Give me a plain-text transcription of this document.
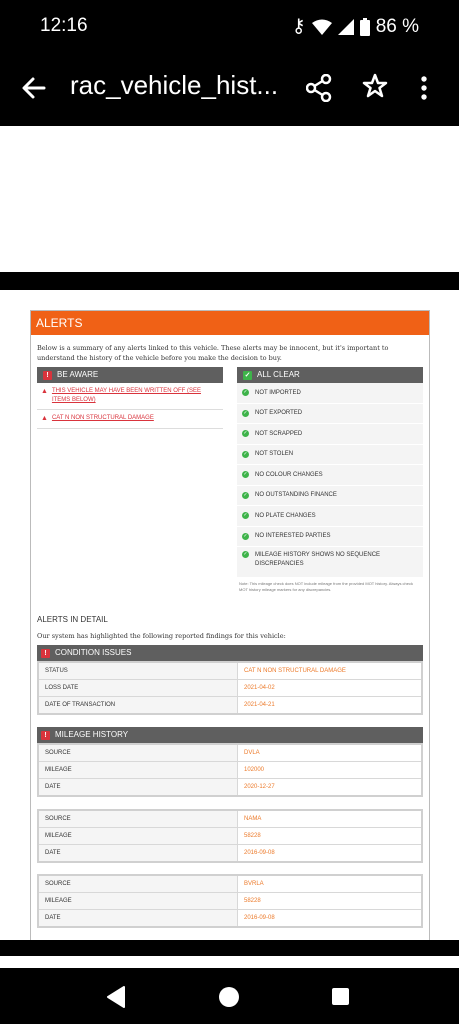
12:16	⚷	86 %
rac_vehicle_hist...
ALERTS
Below is a summary of any alerts linked to this vehicle. These alerts may be innocent, but it's important to understand the history of the vehicle before you make the decision to buy.
!	BE AWARE
▲ THIS VEHICLE MAY HAVE BEEN WRITTEN OFF (SEE ITEMS BELOW)
▲ CAT N NON STRUCTURAL DAMAGE
✓ ALL CLEAR
✓ NOT IMPORTED
✓ NOT EXPORTED
✓ NOT SCRAPPED
✓ NOT STOLEN
✓ NO COLOUR CHANGES
✓ NO OUTSTANDING FINANCE
✓ NO PLATE CHANGES
✓ NO INTERESTED PARTIES
✓ MILEAGE HISTORY SHOWS NO SEQUENCE DISCREPANCIES
Note: This mileage check does NOT include mileage from the provided MOT history. Always check MOT history mileage markers for any discrepancies.
ALERTS IN DETAIL
Our system has highlighted the following reported findings for this vehicle:
!	CONDITION ISSUES
STATUS	CAT N NON STRUCTURAL DAMAGE
LOSS DATE	2021-04-02
DATE OF TRANSACTION	2021-04-21
!	MILEAGE HISTORY
SOURCE	DVLA
MILEAGE	102000
DATE	2020-12-27
SOURCE	NAMA
MILEAGE	58228
DATE	2016-09-08
SOURCE	BVRLA
MILEAGE	58228
DATE	2016-09-08
